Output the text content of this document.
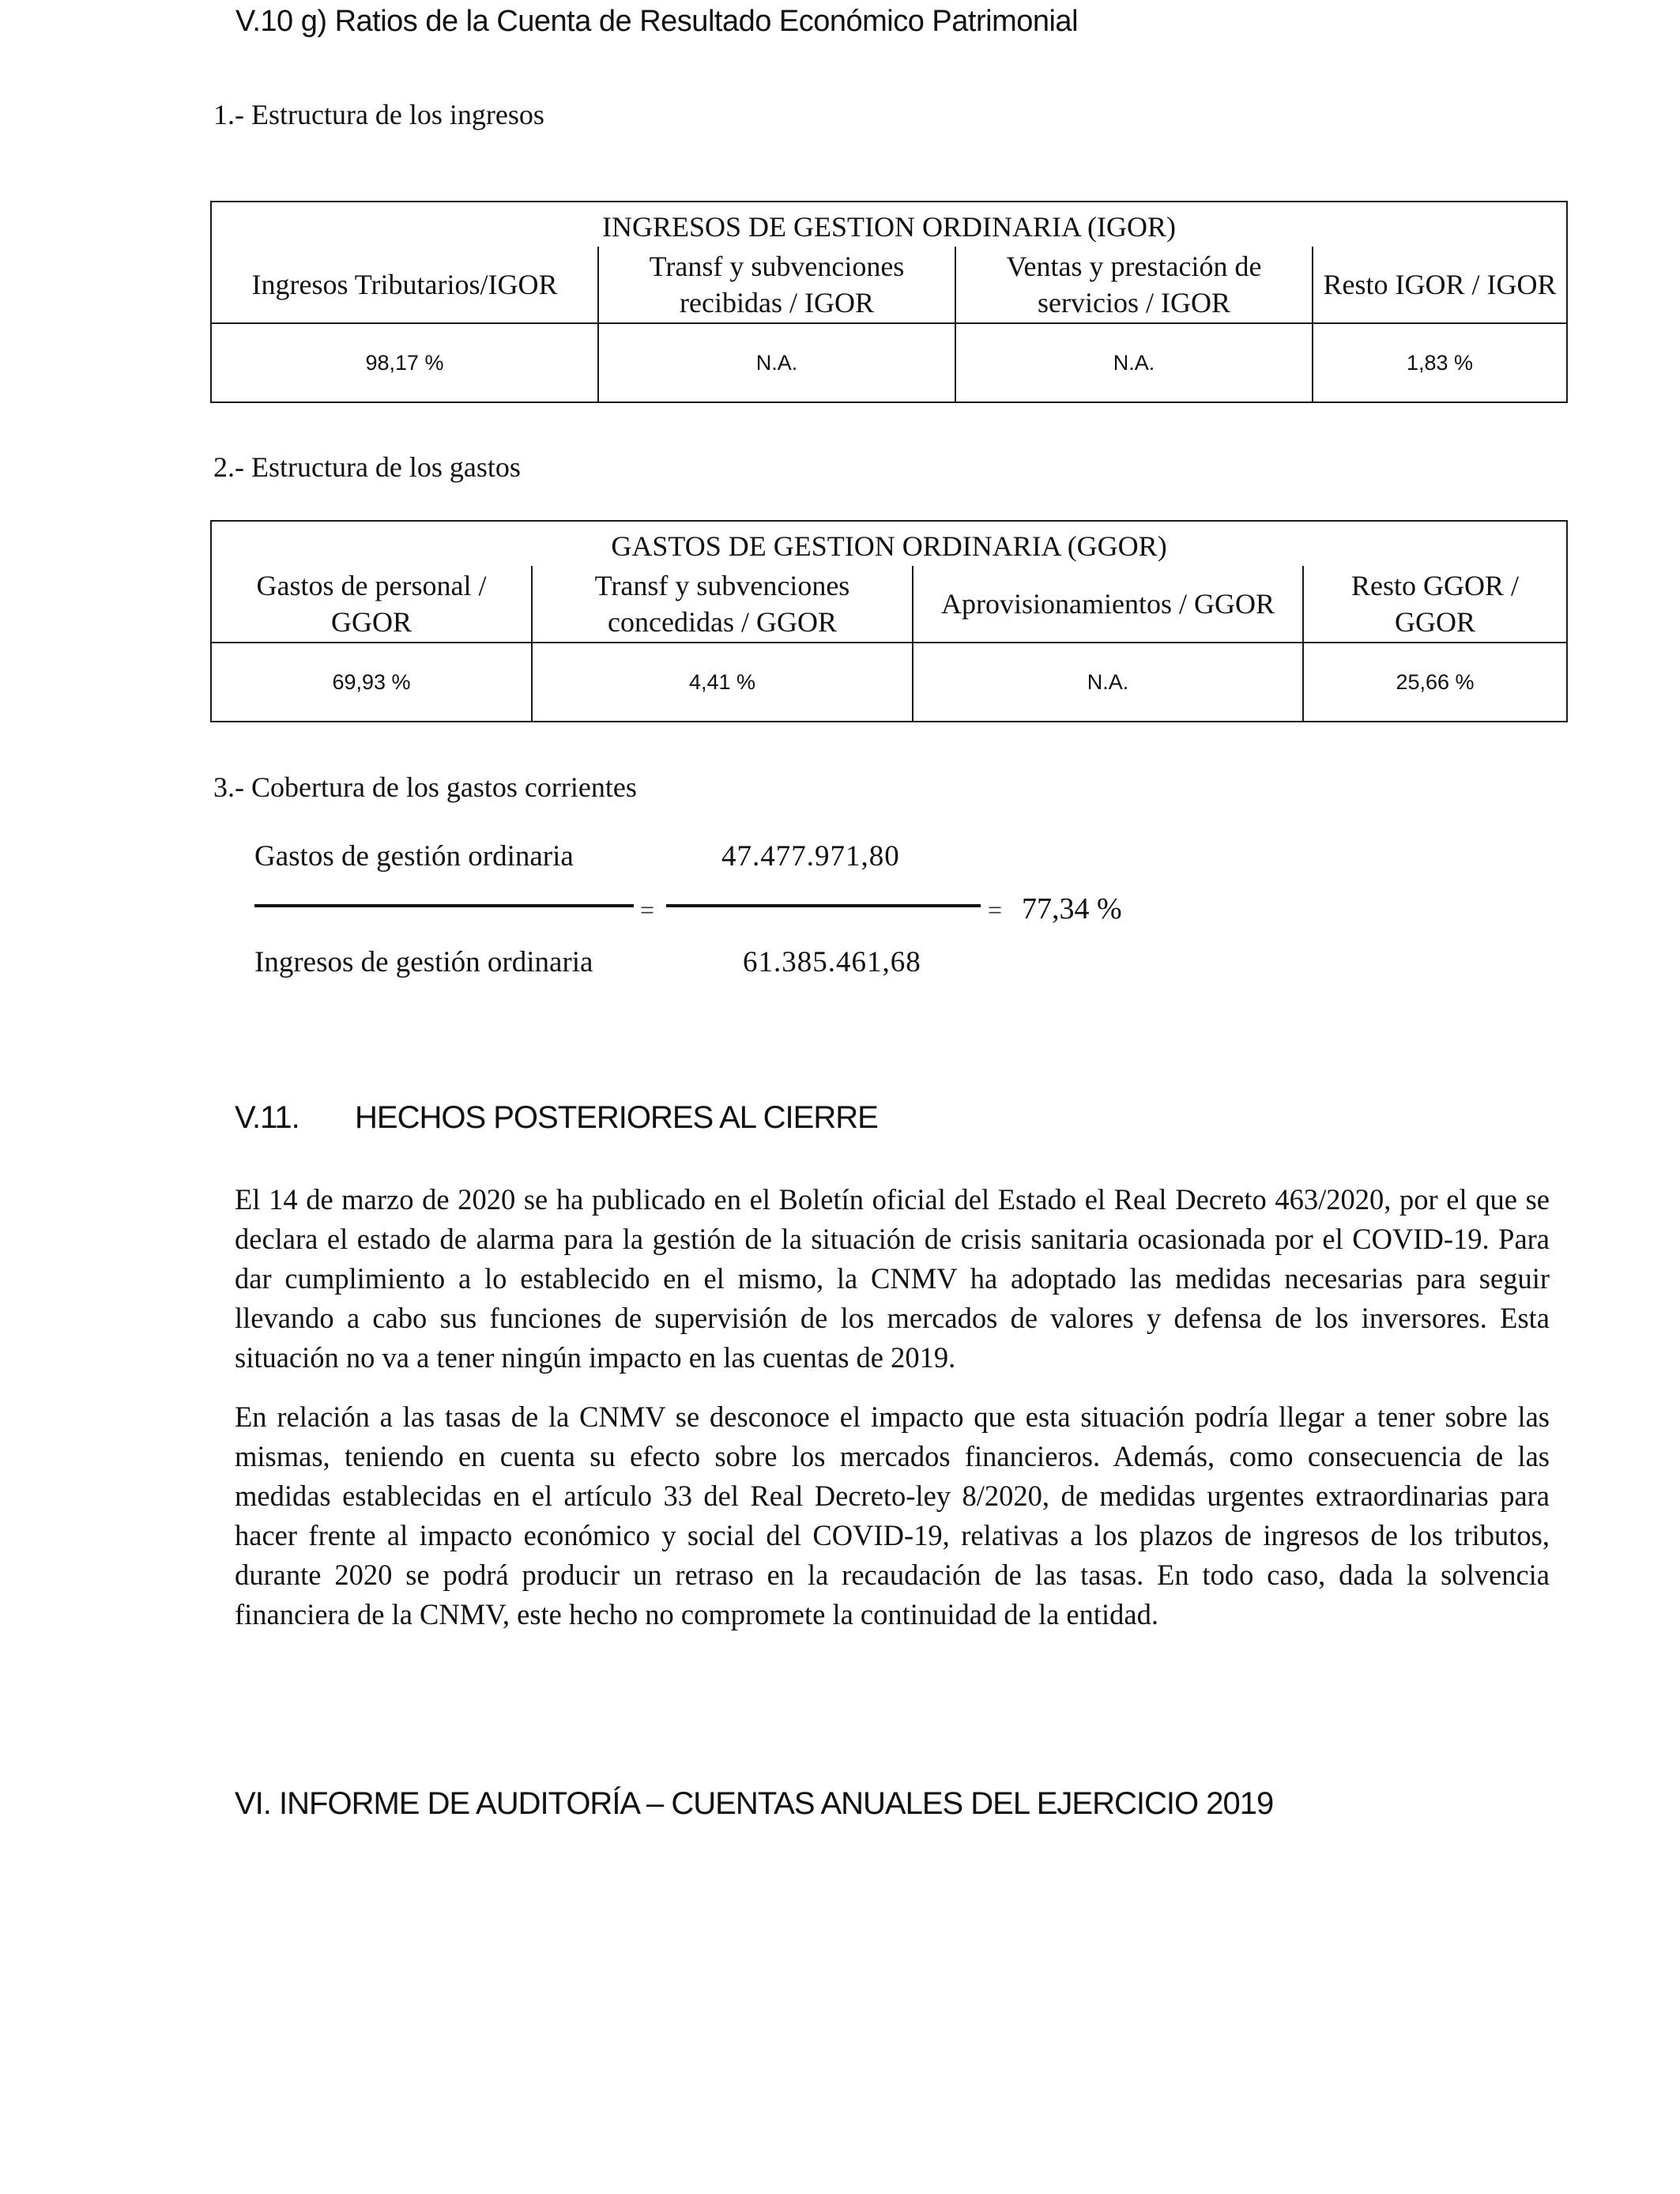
V.10 g) Ratios de la Cuenta de Resultado Económico Patrimonial
1.- Estructura de los ingresos
INGRESOS DE GESTION ORDINARIA (IGOR)			
Ingresos Tributarios/IGOR	Transf y subvenciones recibidas / IGOR	Ventas y prestación de servicios / IGOR	Resto IGOR / IGOR
98,17 %	N.A.	N.A.	1,83 %
2.- Estructura de los gastos
GASTOS DE GESTION ORDINARIA (GGOR)			
Gastos de personal / GGOR	Transf y subvenciones concedidas / GGOR	Aprovisionamientos / GGOR	Resto GGOR / GGOR
69,93 %	4,41 %	N.A.	25,66 %
3.- Cobertura de los gastos corrientes
Gastos de gestión ordinaria	47.477.971,80
=	= 77,34 %
Ingresos de gestión ordinaria	61.385.461,68
V.11. HECHOS POSTERIORES AL CIERRE

El 14 de marzo de 2020 se ha publicado en el Boletín oficial del Estado el Real Decreto 463/2020, por el que se declara el estado de alarma para la gestión de la situación de crisis sanitaria ocasionada por el COVID-19. Para dar cumplimiento a lo establecido en el mismo, la CNMV ha adoptado las medidas necesarias para seguir llevando a cabo sus funciones de supervisión de los mercados de valores y defensa de los inversores. Esta situación no va a tener ningún impacto en las cuentas de 2019.

En relación a las tasas de la CNMV se desconoce el impacto que esta situación podría llegar a tener sobre las mismas, teniendo en cuenta su efecto sobre los mercados financieros. Además, como consecuencia de las medidas establecidas en el artículo 33 del Real Decreto-ley 8/2020, de medidas urgentes extraordinarias para hacer frente al impacto económico y social del COVID-19, relativas a los plazos de ingresos de los tributos, durante 2020 se podrá producir un retraso en la recaudación de las tasas. En todo caso, dada la solvencia financiera de la CNMV, este hecho no compromete la continuidad de la entidad.

VI. INFORME DE AUDITORÍA – CUENTAS ANUALES DEL EJERCICIO 2019
